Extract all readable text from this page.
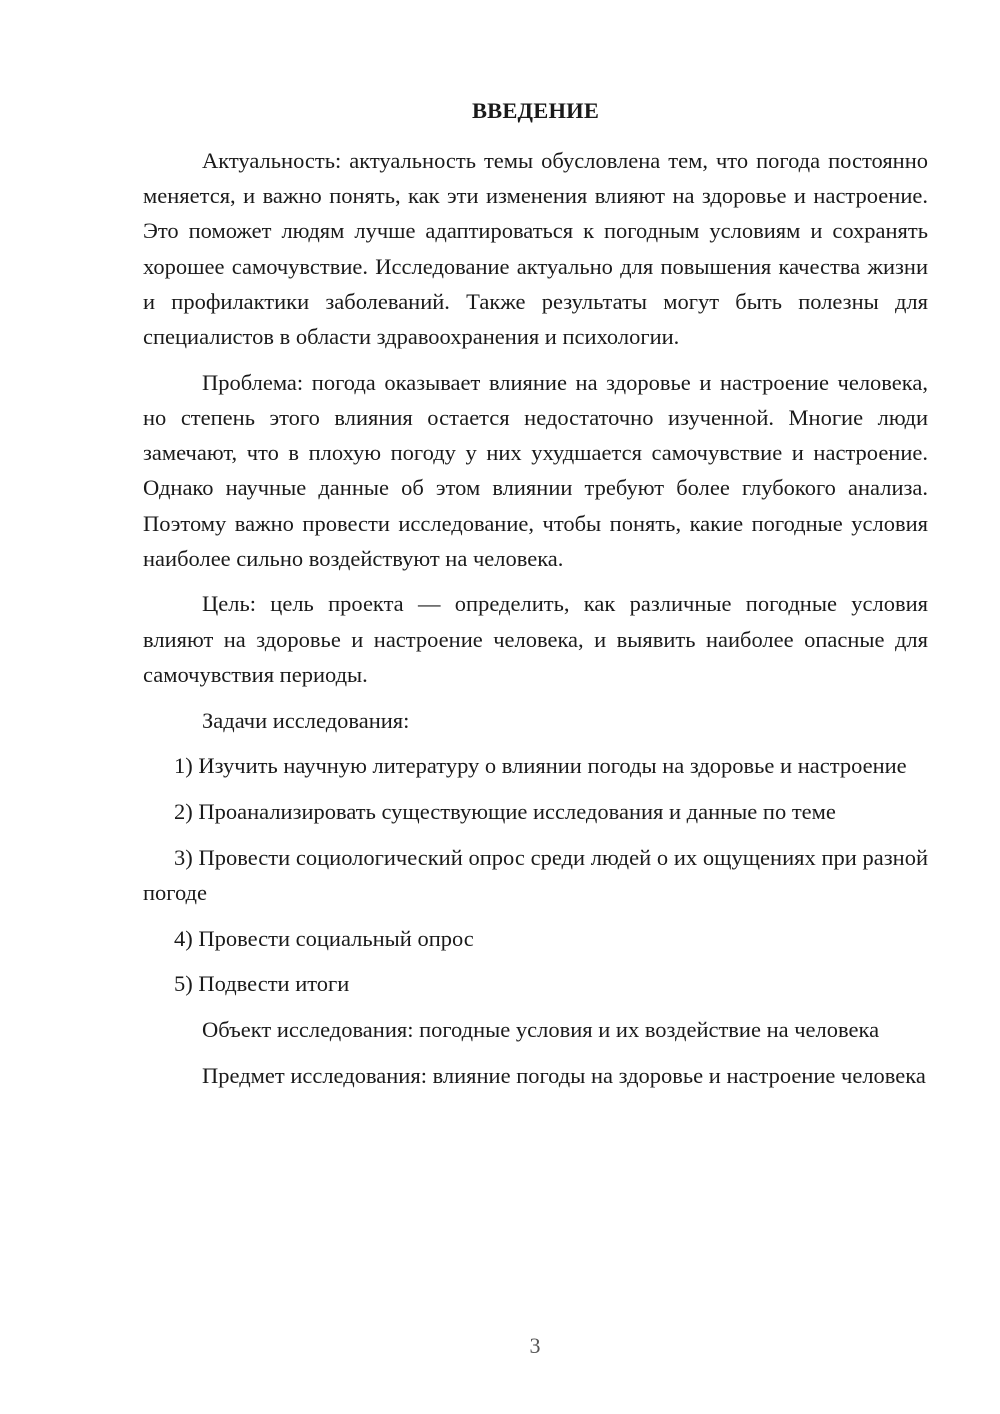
ВВЕДЕНИЕ

Актуальность: актуальность темы обусловлена тем, что погода постоянно меняется, и важно понять, как эти изменения влияют на здоровье и настроение. Это поможет людям лучше адаптироваться к погодным условиям и сохранять хорошее самочувствие. Исследование актуально для повышения качества жизни и профилактики заболеваний. Также результаты могут быть полезны для специалистов в области здравоохранения и психологии.

Проблема: погода оказывает влияние на здоровье и настроение человека, но степень этого влияния остается недостаточно изученной. Многие люди замечают, что в плохую погоду у них ухудшается самочувствие и настроение. Однако научные данные об этом влиянии требуют более глубокого анализа. Поэтому важно провести исследование, чтобы понять, какие погодные условия наиболее сильно воздействуют на человека.

Цель: цель проекта — определить, как различные погодные условия влияют на здоровье и настроение человека, и выявить наиболее опасные для самочувствия периоды.

Задачи исследования:

1) Изучить научную литературу о влиянии погоды на здоровье и настроение

2) Проанализировать существующие исследования и данные по теме

3) Провести социологический опрос среди людей о их ощущениях при разной погоде

4) Провести социальный опрос

5) Подвести итоги

Объект исследования: погодные условия и их воздействие на человека

Предмет исследования: влияние погоды на здоровье и настроение человека

3
